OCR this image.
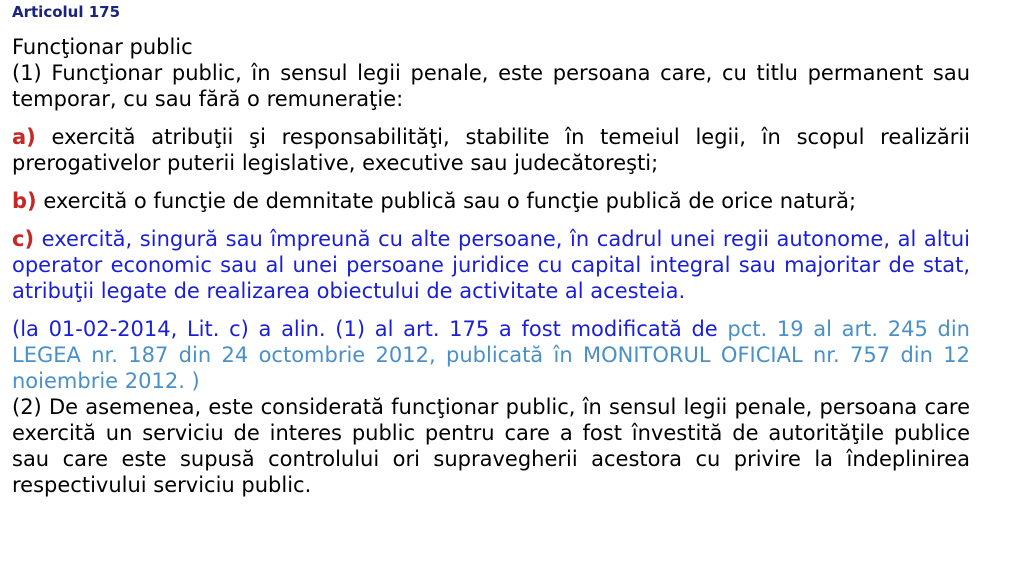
Articolul 175
Funcţionar public

(1) Funcţionar public, în sensul legii penale, este persoana care, cu titlu permanent sau temporar, cu sau fără o remuneraţie:

a) exercită atribuţii şi responsabilităţi, stabilite în temeiul legii, în scopul realizării prerogativelor puterii legislative, executive sau judecătoreşti;

b) exercită o funcţie de demnitate publică sau o funcţie publică de orice natură;

c) exercită, singură sau împreună cu alte persoane, în cadrul unei regii autonome, al altui operator economic sau al unei persoane juridice cu capital integral sau majoritar de stat, atribuţii legate de realizarea obiectului de activitate al acesteia.

(la 01-02-2014, Lit. c) a alin. (1) al art. 175 a fost modificată de pct. 19 al art. 245 din LEGEA nr. 187 din 24 octombrie 2012, publicată în MONITORUL OFICIAL nr. 757 din 12 noiembrie 2012. )

(2) De asemenea, este considerată funcţionar public, în sensul legii penale, persoana care exercită un serviciu de interes public pentru care a fost învestită de autorităţile publice sau care este supusă controlului ori supravegherii acestora cu privire la îndeplinirea respectivului serviciu public.
